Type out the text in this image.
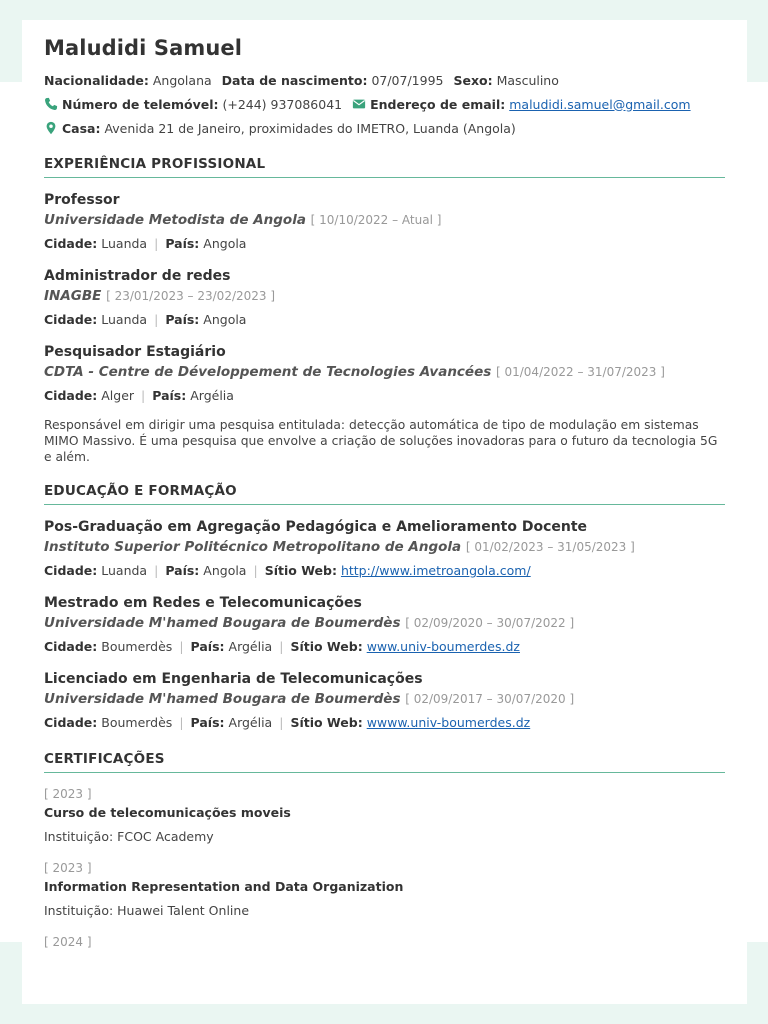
Maludidi Samuel
Nacionalidade:
Angolana Data de nascimento:
07/07/1995 Sexo:
Masculino
Número de telemóvel:
(+244) 937086041 Endereço de email:
maludidi.samuel@gmail.com
Casa:
Avenida 21 de Janeiro, proximidades do IMETRO, Luanda (Angola)
EXPERIÊNCIA PROFISSIONAL
Professor
Universidade Metodista de Angola [ 10/10/2022 – Atual ]
Cidade: Luanda | País: Angola
Administrador de redes
INAGBE [ 23/01/2023 – 23/02/2023 ]
Cidade: Luanda | País: Angola
Pesquisador Estagiário
CDTA - Centre de Développement de Tecnologies Avancées [ 01/04/2022 – 31/07/2023 ]
Cidade: Alger | País: Argélia
Responsável em dirigir uma pesquisa entitulada: detecção automática de tipo de modulação em sistemas MIMO Massivo. É uma pesquisa que envolve a criação de soluções inovadoras para o futuro da tecnologia 5G e além.
EDUCAÇÃO E FORMAÇÃO
Pos-Graduação em Agregação Pedagógica e Amelioramento Docente
Instituto Superior Politécnico Metropolitano de Angola [ 01/02/2023 – 31/05/2023 ]
Cidade: Luanda | País: Angola | Sítio Web: http://www.imetroangola.com/
Mestrado em Redes e Telecomunicações
Universidade M'hamed Bougara de Boumerdès [ 02/09/2020 – 30/07/2022 ]
Cidade: Boumerdès | País: Argélia | Sítio Web: www.univ-boumerdes.dz
Licenciado em Engenharia de Telecomunicações
Universidade M'hamed Bougara de Boumerdès [ 02/09/2017 – 30/07/2020 ]
Cidade: Boumerdès | País: Argélia | Sítio Web: wwww.univ-boumerdes.dz
CERTIFICAÇÕES
[ 2023 ]
Curso de telecomunicações moveis
Instituição: FCOC Academy
[ 2023 ]
Information Representation and Data Organization
Instituição: Huawei Talent Online
[ 2024 ]
